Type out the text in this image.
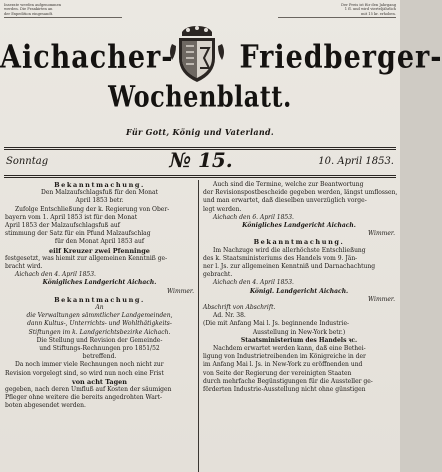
Inserate werden aufgenommen
werden. Die Frankirten an
der Expedition eingesandt.
Der Preis ist für den Jahrgang
1 fl. und wird vierteljährlich
mit 15 kr. erhoben.
Aichacher- Friedberger-
Wochenblatt.
Für Gott, König und Vaterland.
Sonntag	№ 15.	10. April 1853.
Bekanntmachung.
Den Malzaufschlagsfuß für den Monat
April 1853 betr.
Zufolge Entschließung der k. Regierung von Ober-
bayern vom 1. April 1853 ist für den Monat
April 1853 der Malzaufschlagsfuß auf
stimmung der Satz für ein Pfund Malzaufschlag
für den Monat April 1853 auf
eilf Kreuzer zwei Pfenninge
festgesetzt, was hiemit zur allgemeinen Kenntniß ge-
bracht wird.
Aichach den 4. April 1853.
Königliches Landgericht Aichach.
Wimmer.
Bekanntmachung.
An
die Verwaltungen sämmtlicher Landgemeinden,
dann Kultus-, Unterrichts- und Wohlthätigkeits-
Stiftungen im k. Landgerichtsbezirke Aichach.
Die Stellung und Revision der Gemeinde-
und Stiftungs-Rechnungen pro 1851/52
betreffend.
Da noch immer viele Rechnungen noch nicht zur
Revision vorgelegt sind, so wird nun noch eine Frist
von acht Tagen
gegeben, nach deren Umfluß auf Kosten der säumigen
Pfleger ohne weitere die bereits angedrohten Wart-
boten abgesendet werden.
Auch sind die Termine, welche zur Beantwortung
der Revisionspostbescheide gegeben werden, längst umflossen,
und man erwartet, daß dieselben unverzüglich vorge-
legt werden.
Aichach den 6. April 1853.
Königliches Landgericht Aichach.
Wimmer.
Bekanntmachung.
Im Nachzuge wird die allerhöchste Entschließung
des k. Staatsministeriums des Handels vom 9. Jän-
ner l. Js. zur allgemeinen Kenntniß und Darnachachtung
gebracht.
Aichach den 4. April 1853.
Königl. Landgericht Aichach.
Wimmer.
Abschrift von Abschrift.
Ad. Nr. 38.
(Die mit Anfang Mai l. Js. beginnende Industrie-
Ausstellung in New-York betr.)
Staatsministerium des Handels ꝛc.
Nachdem erwartet werden kann, daß eine Bethei-
ligung von Industrietreibenden im Königreiche in der
im Anfang Mai l. Js. in New-York zu eröffnenden und
von Seite der Regierung der vereinigten Staaten
durch mehrfache Begünstigungen für die Aussteller ge-
förderten Industrie-Ausstellung nicht ohne günstigen
